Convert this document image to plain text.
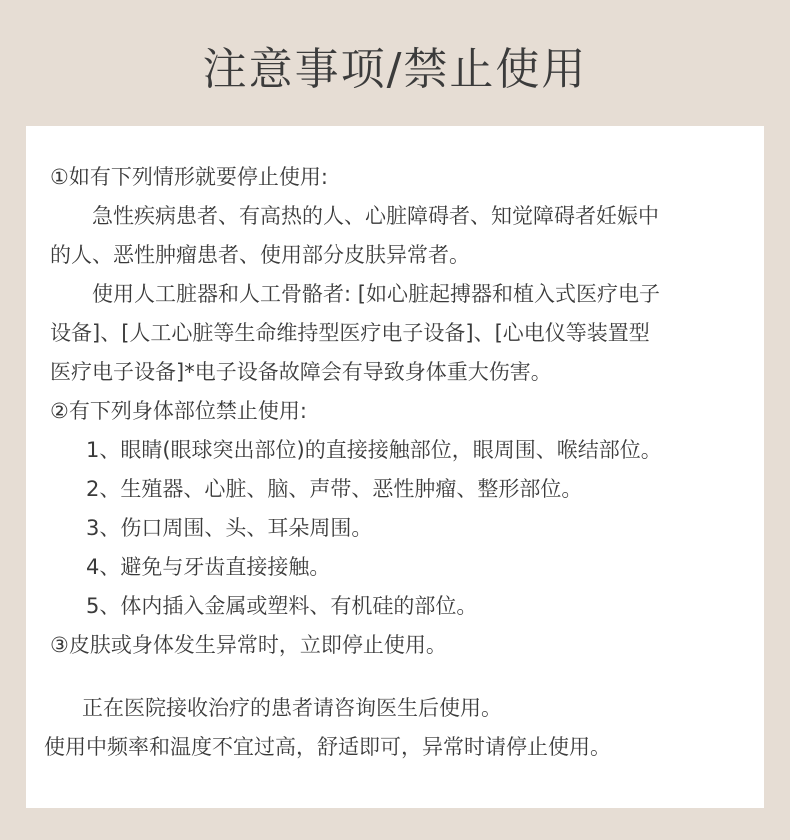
注意事项/禁止使用
①如有下列情形就要停止使用:
急性疾病患者、有高热的人、心脏障碍者、知觉障碍者妊娠中
的人、恶性肿瘤患者、使用部分皮肤异常者。
使用人工脏器和人工骨骼者: [如心脏起搏器和植入式医疗电子
设备]、[人工心脏等生命维持型医疗电子设备]、[心电仪等装置型
医疗电子设备]*电子设备故障会有导致身体重大伤害。
②有下列身体部位禁止使用:
1、眼睛(眼球突出部位)的直接接触部位，眼周围、喉结部位。
2、生殖器、心脏、脑、声带、恶性肿瘤、整形部位。
3、伤口周围、头、耳朵周围。
4、避免与牙齿直接接触。
5、体内插入金属或塑料、有机硅的部位。
③皮肤或身体发生异常时，立即停止使用。
正在医院接收治疗的患者请咨询医生后使用。
使用中频率和温度不宜过高，舒适即可，异常时请停止使用。
